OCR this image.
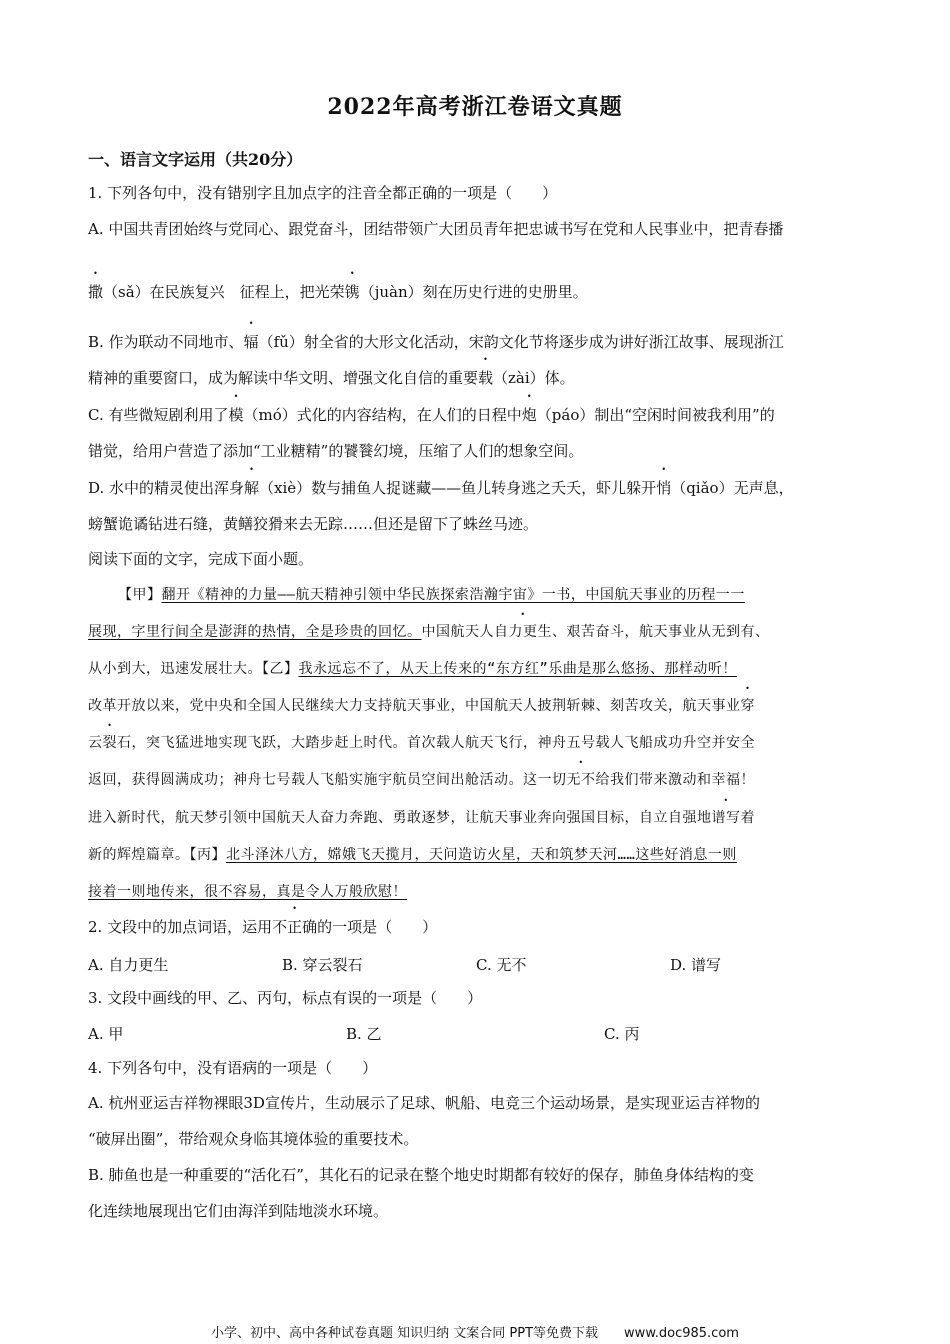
2022年高考浙江卷语文真题
一、语言文字运用（共20分）
1. 下列各句中，没有错别字且加点字的注音全都正确的一项是（　　）
A. 中国共青团始终与党同心、跟党奋斗，团结带领广大团员青年把忠诚书写在党和人民事业中，把青春播
撒（sǎ）在民族复兴　征程上，把光荣镌（juàn）刻在历史行进的史册里。
B. 作为联动不同地市、辐（fǔ）射全省的大形文化活动，宋韵文化节将逐步成为讲好浙江故事、展现浙江
精神的重要窗口，成为解读中华文明、增强文化自信的重要载（zài）体。
C. 有些微短剧利用了模（mó）式化的内容结构，在人们的日程中炮（páo）制出“空闲时间被我利用”的
错觉，给用户营造了添加“工业糖精”的饕餮幻境，压缩了人们的想象空间。
D. 水中的精灵使出浑身解（xiè）数与捕鱼人捉谜藏——鱼儿转身逃之夭夭，虾儿躲开悄（qiǎo）无声息，
螃蟹诡谲钻进石缝，黄鳝狡猾来去无踪……但还是留下了蛛丝马迹。
阅读下面的文字，完成下面小题。
【甲】翻开《精神的力量——航天精神引领中华民族探索浩瀚宇宙》一书，中国航天事业的历程一一
展现，字里行间全是澎湃的热情，全是珍贵的回忆。中国航天人自力更生、艰苦奋斗，航天事业从无到有、
从小到大，迅速发展壮大。【乙】我永远忘不了，从天上传来的“东方红”乐曲是那么悠扬、那样动听！
改革开放以来，党中央和全国人民继续大力支持航天事业，中国航天人披荆斩棘、刻苦攻关，航天事业穿
云裂石，突飞猛进地实现飞跃，大踏步赶上时代。首次载人航天飞行，神舟五号载人飞船成功升空并安全
返回，获得圆满成功；神舟七号载人飞船实施宇航员空间出舱活动。这一切无不给我们带来激动和幸福！
进入新时代，航天梦引领中国航天人奋力奔跑、勇敢逐梦，让航天事业奔向强国目标，自立自强地谱写着
新的辉煌篇章。【丙】北斗泽沐八方，嫦娥飞天揽月，天问造访火星，天和筑梦天河……这些好消息一则
接着一则地传来，很不容易，真是令人万般欣慰！
2. 文段中的加点词语，运用不正确的一项是（　　）
A. 自力更生	B. 穿云裂石	C. 无不	D. 谱写
3. 文段中画线的甲、乙、丙句，标点有误的一项是（　　）
A. 甲	B. 乙	C. 丙
4. 下列各句中，没有语病的一项是（　　）
A. 杭州亚运吉祥物裸眼3D宣传片，生动展示了足球、帆船、电竞三个运动场景，是实现亚运吉祥物的
“破屏出圈”，带给观众身临其境体验的重要技术。
B. 肺鱼也是一种重要的“活化石”，其化石的记录在整个地史时期都有较好的保存，肺鱼身体结构的变
化连续地展现出它们由海洋到陆地淡水环境。
小学、初中、高中各种试卷真题 知识归纳 文案合同 PPT等免费下载　　www.doc985.com
